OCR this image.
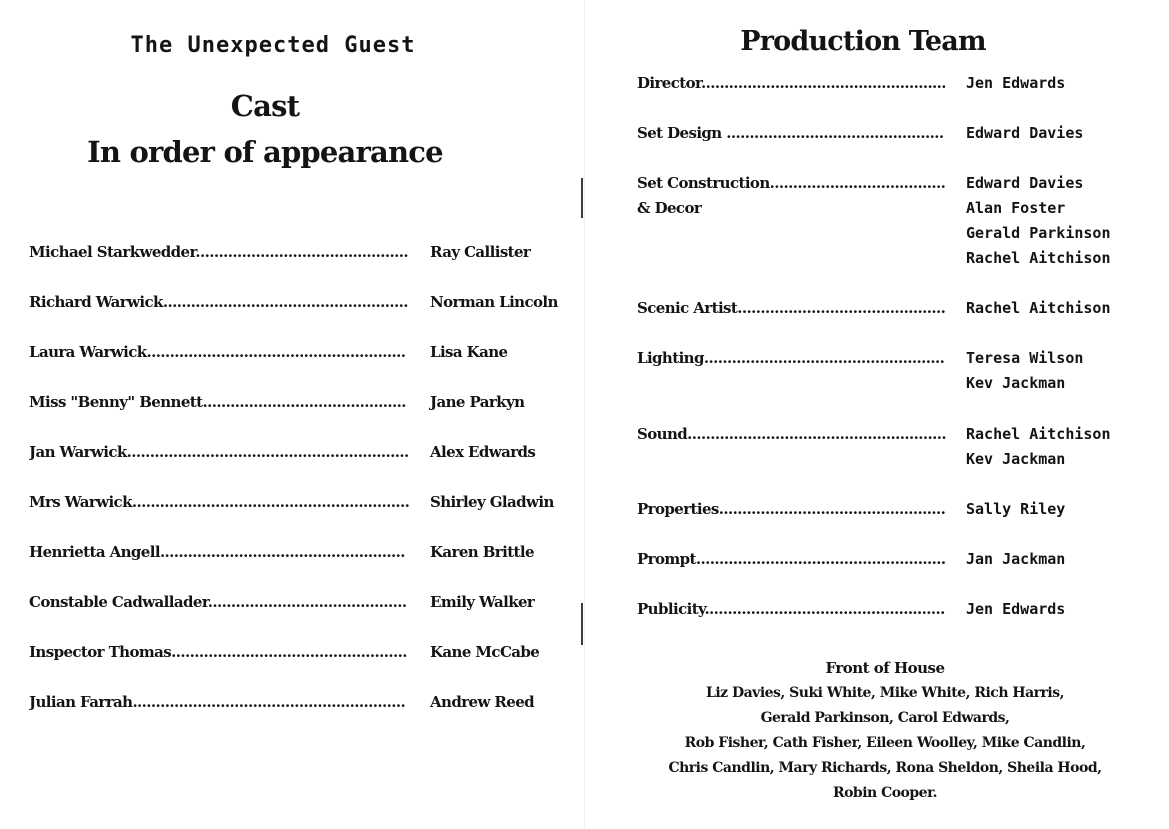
The Unexpected Guest
Cast
In order of appearance
Michael Starkwedder.............................................. Ray Callister
Richard Warwick..................................................... Norman Lincoln
Laura Warwick........................................................ Lisa Kane
Miss "Benny" Bennett............................................ Jane Parkyn
Jan Warwick............................................................. Alex Edwards
Mrs Warwick............................................................ Shirley Gladwin
Henrietta Angell..................................................... Karen Brittle
Constable Cadwallader........................................... Emily Walker
Inspector Thomas................................................... Kane McCabe
Julian Farrah........................................................... Andrew Reed
Production Team
Director..................................................... Jen Edwards
Set Design ............................................... Edward Davies
Set Construction......................................
& Decor
Edward Davies
Alan Foster
Gerald Parkinson
Rachel Aitchison
Scenic Artist............................................. Rachel Aitchison
Lighting.................................................... Teresa Wilson
Kev Jackman
Sound........................................................ Rachel Aitchison
Kev Jackman
Properties................................................. Sally Riley
Prompt...................................................... Jan Jackman
Publicity.................................................... Jen Edwards
Front of House
Liz Davies, Suki White, Mike White, Rich Harris,
Gerald Parkinson, Carol Edwards,
Rob Fisher, Cath Fisher, Eileen Woolley, Mike Candlin,
Chris Candlin, Mary Richards, Rona Sheldon, Sheila Hood,
Robin Cooper.
